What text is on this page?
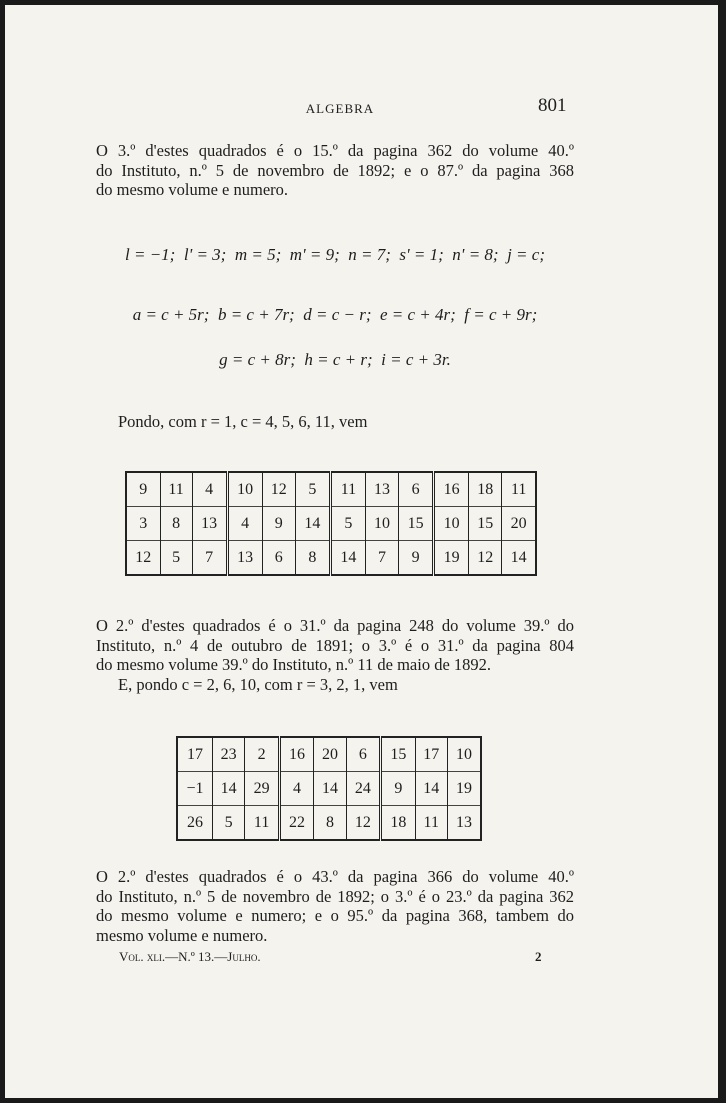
ALGEBRA	801

O 3.º d'estes quadrados é o 15.º da pagina 362 do volume 40.º

do Instituto, n.º 5 de novembro de 1892; e o 87.º da pagina 368

do mesmo volume e numero.

l = −1;  l' = 3;  m = 5;  m' = 9;  n = 7;  s' = 1;  n' = 8;  j = c;
a = c + 5r;  b = c + 7r;  d = c − r;  e = c + 4r;  f = c + 9r;
g = c + 8r;  h = c + r;  i = c + 3r.

Pondo, com r = 1, c = 4, 5, 6, 11, vem

9	11	4	10	12	5	11	13	6	16	18	11
3	8	13	4	9	14	5	10	15	10	15	20
12	5	7	13	6	8	14	7	9	19	12	14

O 2.º d'estes quadrados é o 31.º da pagina 248 do volume 39.º do

Instituto, n.º 4 de outubro de 1891; o 3.º é o 31.º da pagina 804

do mesmo volume 39.º do Instituto, n.º 11 de maio de 1892.

E, pondo c = 2, 6, 10, com r = 3, 2, 1, vem

17	23	2	16	20	6	15	17	10
−1	14	29	4	14	24	9	14	19
26	5	11	22	8	12	18	11	13

O 2.º d'estes quadrados é o 43.º da pagina 366 do volume 40.º

do Instituto, n.º 5 de novembro de 1892; o 3.º é o 23.º da pagina 362

do mesmo volume e numero; e o 95.º da pagina 368, tambem do

mesmo volume e numero.

Vol. xli.—N.º 13.—Julho.	2
